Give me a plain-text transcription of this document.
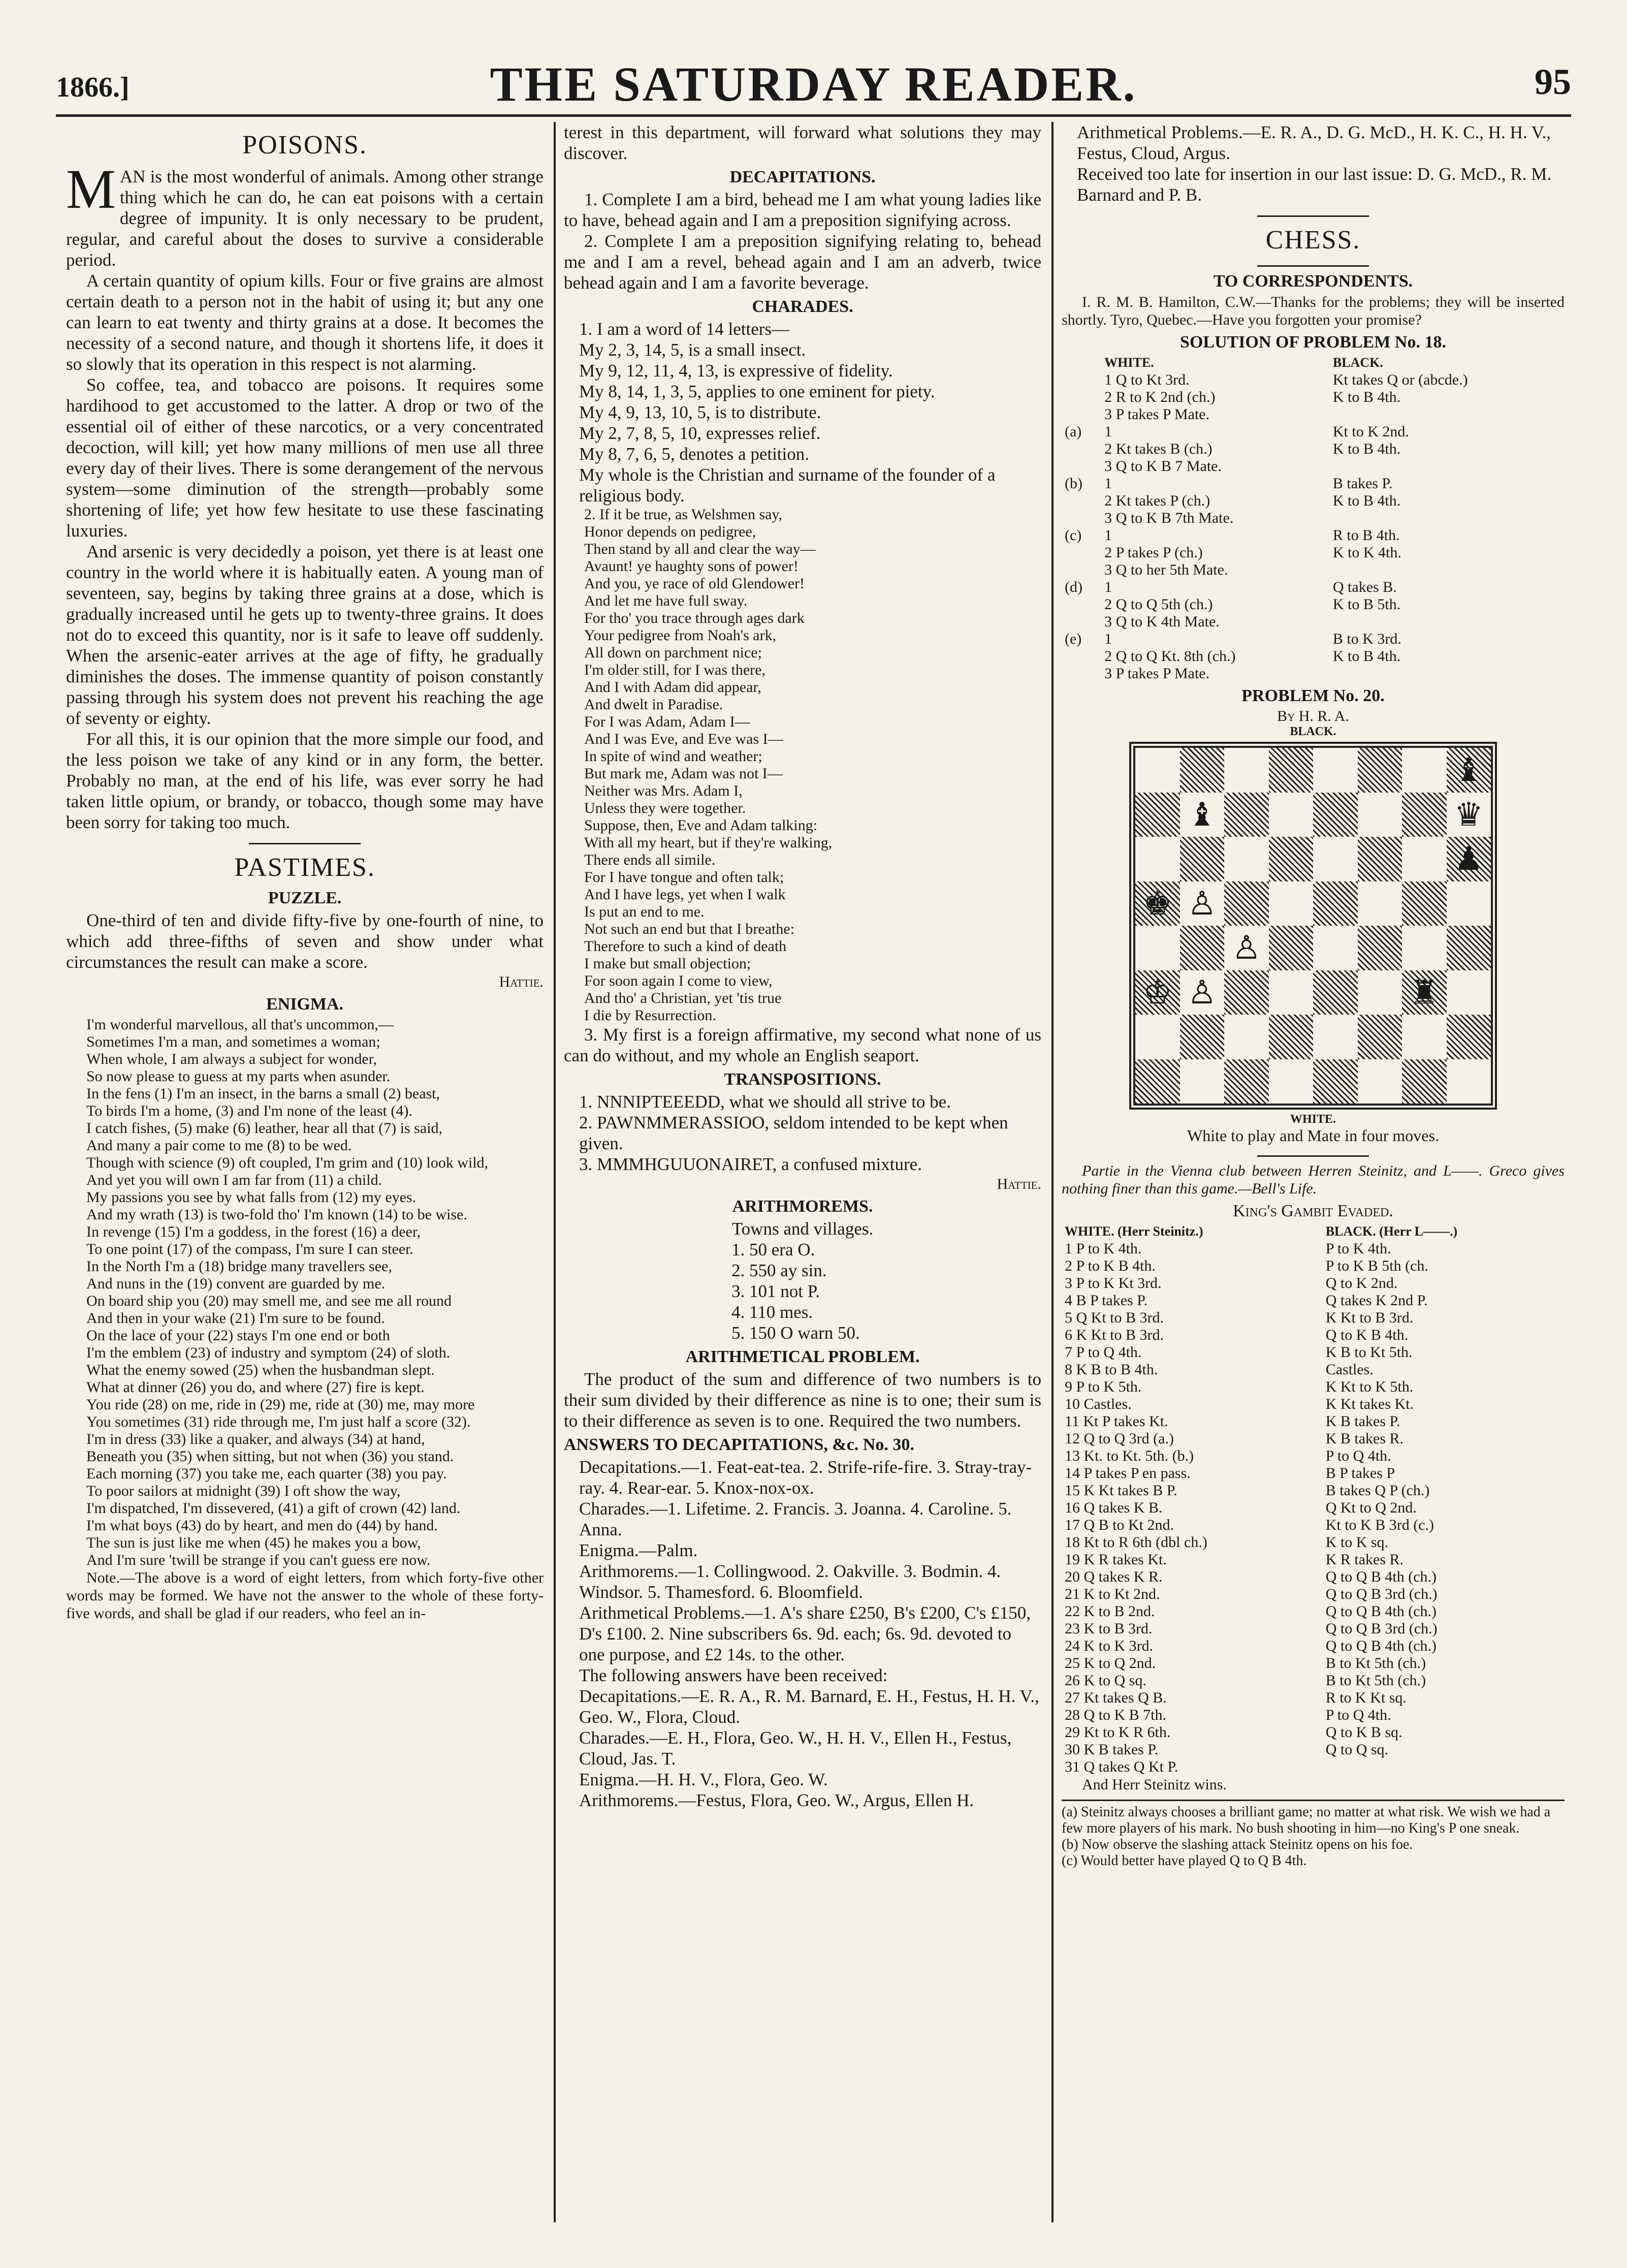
1866.]	THE SATURDAY READER.	95
POISONS.

MAN is the most wonderful of animals. Among other strange thing which he can do, he can eat poisons with a certain degree of impunity. It is only necessary to be prudent, regular, and careful about the doses to survive a considerable period.

A certain quantity of opium kills. Four or five grains are almost certain death to a person not in the habit of using it; but any one can learn to eat twenty and thirty grains at a dose. It becomes the necessity of a second nature, and though it shortens life, it does it so slowly that its operation in this respect is not alarming.

So coffee, tea, and tobacco are poisons. It requires some hardihood to get accustomed to the latter. A drop or two of the essential oil of either of these narcotics, or a very concentrated decoction, will kill; yet how many millions of men use all three every day of their lives. There is some derangement of the nervous system—some diminution of the strength—probably some shortening of life; yet how few hesitate to use these fascinating luxuries.

And arsenic is very decidedly a poison, yet there is at least one country in the world where it is habitually eaten. A young man of seventeen, say, begins by taking three grains at a dose, which is gradually increased until he gets up to twenty-three grains. It does not do to exceed this quantity, nor is it safe to leave off suddenly. When the arsenic-eater arrives at the age of fifty, he gradually diminishes the doses. The immense quantity of poison constantly passing through his system does not prevent his reaching the age of seventy or eighty.

For all this, it is our opinion that the more simple our food, and the less poison we take of any kind or in any form, the better. Probably no man, at the end of his life, was ever sorry he had taken little opium, or brandy, or tobacco, though some may have been sorry for taking too much.

PASTIMES.
PUZZLE.

One-third of ten and divide fifty-five by one-fourth of nine, to which add three-fifths of seven and show under what circumstances the result can make a score.

Hattie.
ENIGMA.
I'm wonderful marvellous, all that's uncommon,—
Sometimes I'm a man, and sometimes a woman;
When whole, I am always a subject for wonder,
So now please to guess at my parts when asunder.
In the fens (1) I'm an insect, in the barns a small (2) beast,
To birds I'm a home, (3) and I'm none of the least (4).
I catch fishes, (5) make (6) leather, hear all that (7) is said,
And many a pair come to me (8) to be wed.
Though with science (9) oft coupled, I'm grim and (10) look wild,
And yet you will own I am far from (11) a child.
My passions you see by what falls from (12) my eyes.
And my wrath (13) is two-fold tho' I'm known (14) to be wise.
In revenge (15) I'm a goddess, in the forest (16) a deer,
To one point (17) of the compass, I'm sure I can steer.
In the North I'm a (18) bridge many travellers see,
And nuns in the (19) convent are guarded by me.
On board ship you (20) may smell me, and see me all round
And then in your wake (21) I'm sure to be found.
On the lace of your (22) stays I'm one end or both
I'm the emblem (23) of industry and symptom (24) of sloth.
What the enemy sowed (25) when the husbandman slept.
What at dinner (26) you do, and where (27) fire is kept.
You ride (28) on me, ride in (29) me, ride at (30) me, may more
You sometimes (31) ride through me, I'm just half a score (32).
I'm in dress (33) like a quaker, and always (34) at hand,
Beneath you (35) when sitting, but not when (36) you stand.
Each morning (37) you take me, each quarter (38) you pay.
To poor sailors at midnight (39) I oft show the way,
I'm dispatched, I'm dissevered, (41) a gift of crown (42) land.
I'm what boys (43) do by heart, and men do (44) by hand.
The sun is just like me when (45) he makes you a bow,
And I'm sure 'twill be strange if you can't guess ere now.

Note.—The above is a word of eight letters, from which forty-five other words may be formed. We have not the answer to the whole of these forty-five words, and shall be glad if our readers, who feel an in-

terest in this department, will forward what solutions they may discover.

DECAPITATIONS.

1. Complete I am a bird, behead me I am what young ladies like to have, behead again and I am a preposition signifying across.

2. Complete I am a preposition signifying relating to, behead me and I am a revel, behead again and I am an adverb, twice behead again and I am a favorite beverage.

CHARADES.
1. I am a word of 14 letters—
My 2, 3, 14, 5, is a small insect.
My 9, 12, 11, 4, 13, is expressive of fidelity.
My 8, 14, 1, 3, 5, applies to one eminent for piety.
My 4, 9, 13, 10, 5, is to distribute.
My 2, 7, 8, 5, 10, expresses relief.
My 8, 7, 6, 5, denotes a petition.
My whole is the Christian and surname of the founder of a religious body.
2. If it be true, as Welshmen say,
Honor depends on pedigree,
Then stand by all and clear the way—
Avaunt! ye haughty sons of power!
And you, ye race of old Glendower!
And let me have full sway.
For tho' you trace through ages dark
Your pedigree from Noah's ark,
All down on parchment nice;
I'm older still, for I was there,
And I with Adam did appear,
And dwelt in Paradise.
For I was Adam, Adam I—
And I was Eve, and Eve was I—
In spite of wind and weather;
But mark me, Adam was not I—
Neither was Mrs. Adam I,
Unless they were together.
Suppose, then, Eve and Adam talking:
With all my heart, but if they're walking,
There ends all simile.
For I have tongue and often talk;
And I have legs, yet when I walk
Is put an end to me.
Not such an end but that I breathe:
Therefore to such a kind of death
I make but small objection;
For soon again I come to view,
And tho' a Christian, yet 'tis true
I die by Resurrection.

3. My first is a foreign affirmative, my second what none of us can do without, and my whole an English seaport.

TRANSPOSITIONS.
1. NNNIPTEEEDD, what we should all strive to be.
2. PAWNMMERASSIOO, seldom intended to be kept when given.
3. MMMHGUUONAIRET, a confused mixture.
Hattie.
ARITHMOREMS.

Towns and villages.

1. 50 era O.
2. 550 ay sin.
3. 101 not P.
4. 110 mes.
5. 150 O warn 50.
ARITHMETICAL PROBLEM.

The product of the sum and difference of two numbers is to their sum divided by their difference as nine is to one; their sum is to their difference as seven is to one. Required the two numbers.

ANSWERS TO DECAPITATIONS, &c. No. 30.
Decapitations.—1. Feat-eat-tea. 2. Strife-rife-fire. 3. Stray-tray-ray. 4. Rear-ear. 5. Knox-nox-ox.
Charades.—1. Lifetime. 2. Francis. 3. Joanna. 4. Caroline. 5. Anna.
Enigma.—Palm.
Arithmorems.—1. Collingwood. 2. Oakville. 3. Bodmin. 4. Windsor. 5. Thamesford. 6. Bloomfield.
Arithmetical Problems.—1. A's share £250, B's £200, C's £150, D's £100. 2. Nine subscribers 6s. 9d. each; 6s. 9d. devoted to one purpose, and £2 14s. to the other.
The following answers have been received:
Decapitations.—E. R. A., R. M. Barnard, E. H., Festus, H. H. V., Geo. W., Flora, Cloud.
Charades.—E. H., Flora, Geo. W., H. H. V., Ellen H., Festus, Cloud, Jas. T.
Enigma.—H. H. V., Flora, Geo. W.
Arithmorems.—Festus, Flora, Geo. W., Argus, Ellen H.
Arithmetical Problems.—E. R. A., D. G. McD., H. K. C., H. H. V., Festus, Cloud, Argus.
Received too late for insertion in our last issue: D. G. McD., R. M. Barnard and P. B.
CHESS.
TO CORRESPONDENTS.

I. R. M. B. Hamilton, C.W.—Thanks for the problems; they will be inserted shortly. Tyro, Quebec.—Have you forgotten your promise?

SOLUTION OF PROBLEM No. 18.
	WHITE.	BLACK.
	1 Q to Kt 3rd.	Kt takes Q or (abcde.)
	2 R to K 2nd (ch.)	K to B 4th.
	3 P takes P Mate.	
(a)	1	Kt to K 2nd.
	2 Kt takes B (ch.)	K to B 4th.
	3 Q to K B 7 Mate.	
(b)	1	B takes P.
	2 Kt takes P (ch.)	K to B 4th.
	3 Q to K B 7th Mate.	
(c)	1	R to B 4th.
	2 P takes P (ch.)	K to K 4th.
	3 Q to her 5th Mate.	
(d)	1	Q takes B.
	2 Q to Q 5th (ch.)	K to B 5th.
	3 Q to K 4th Mate.	
(e)	1	B to K 3rd.
	2 Q to Q Kt. 8th (ch.)	K to B 4th.
	3 P takes P Mate.	
PROBLEM No. 20.
By H. R. A.
BLACK.
♝
♝	♛
♟
♚ ♙
♙
♔ ♙	♜
WHITE.
White to play and Mate in four moves.

Partie in the Vienna club between Herren Steinitz, and L——. Greco gives nothing finer than this game.—Bell's Life.

King's Gambit Evaded.
WHITE. (Herr Steinitz.)	BLACK. (Herr L——.)
1 P to K 4th.	P to K 4th.
2 P to K B 4th.	P to K B 5th (ch.
3 P to K Kt 3rd.	Q to K 2nd.
4 B P takes P.	Q takes K 2nd P.
5 Q Kt to B 3rd.	K Kt to B 3rd.
6 K Kt to B 3rd.	Q to K B 4th.
7 P to Q 4th.	K B to Kt 5th.
8 K B to B 4th.	Castles.
9 P to K 5th.	K Kt to K 5th.
10 Castles.	K Kt takes Kt.
11 Kt P takes Kt.	K B takes P.
12 Q to Q 3rd (a.)	K B takes R.
13 Kt. to Kt. 5th. (b.)	P to Q 4th.
14 P takes P en pass.	B P takes P
15 K Kt takes B P.	B takes Q P (ch.)
16 Q takes K B.	Q Kt to Q 2nd.
17 Q B to Kt 2nd.	Kt to K B 3rd (c.)
18 Kt to R 6th (dbl ch.)	K to K sq.
19 K R takes Kt.	K R takes R.
20 Q takes K R.	Q to Q B 4th (ch.)
21 K to Kt 2nd.	Q to Q B 3rd (ch.)
22 K to B 2nd.	Q to Q B 4th (ch.)
23 K to B 3rd.	Q to Q B 3rd (ch.)
24 K to K 3rd.	Q to Q B 4th (ch.)
25 K to Q 2nd.	B to Kt 5th (ch.)
26 K to Q sq.	B to Kt 5th (ch.)
27 Kt takes Q B.	R to K Kt sq.
28 Q to K B 7th.	P to Q 4th.
29 Kt to K R 6th.	Q to K B sq.
30 K B takes P.	Q to Q sq.
31 Q takes Q Kt P.	
And Herr Steinitz wins.
(a) Steinitz always chooses a brilliant game; no matter at what risk. We wish we had a few more players of his mark. No bush shooting in him—no King's P one sneak.
(b) Now observe the slashing attack Steinitz opens on his foe.
(c) Would better have played Q to Q B 4th.
